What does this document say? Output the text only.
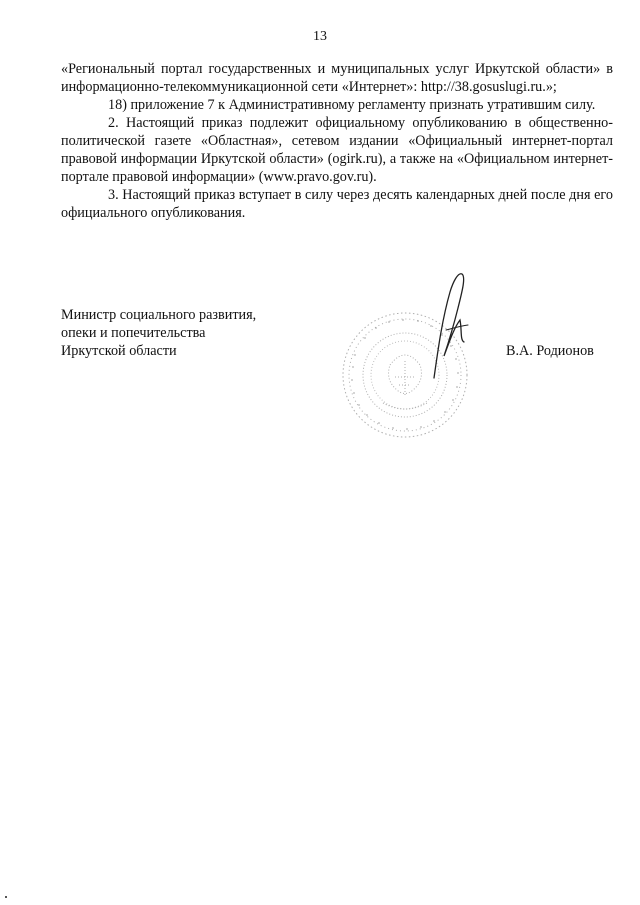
13

«Региональный портал государственных и муниципальных услуг Иркутской области» в информационно-телекоммуникационной сети «Интернет»: http://38.gosuslugi.ru.»;

18) приложение 7 к Административному регламенту признать утратившим силу.

2. Настоящий приказ подлежит официальному опубликованию в общественно-политической газете «Областная», сетевом издании «Официальный интернет-портал правовой информации Иркутской области» (ogirk.ru), а также на «Официальном интернет-портале правовой информации» (www.pravo.gov.ru).

3. Настоящий приказ вступает в силу через десять календарных дней после дня его официального опубликования.

Министр социального развития,
опеки и попечительства
Иркутской области	В.А. Родионов
